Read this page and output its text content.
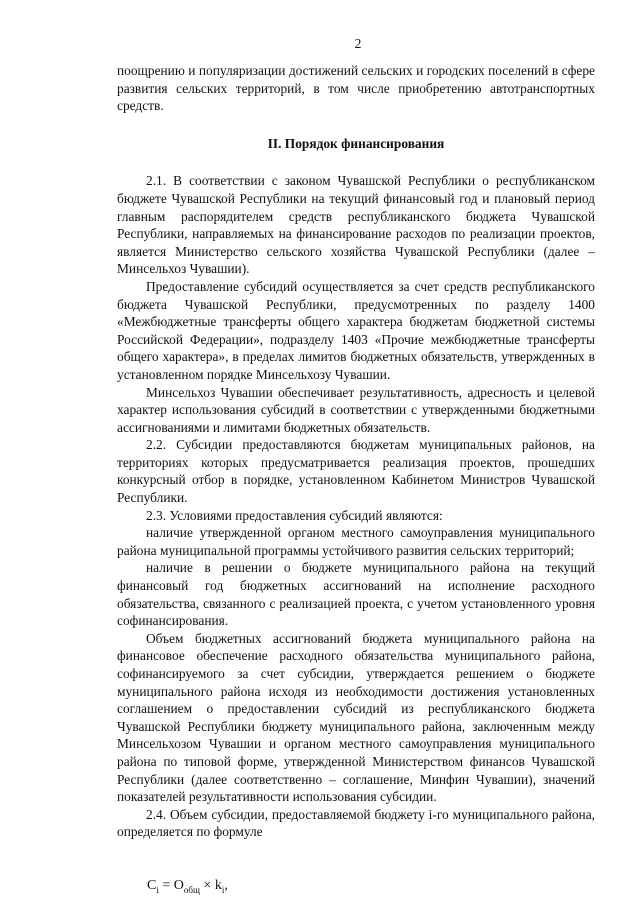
2

поощрению и популяризации достижений сельских и городских поселений в сфере развития сельских территорий, в том числе приобретению автотранспортных средств.

II. Порядок финансирования

2.1. В соответствии с законом Чувашской Республики о республиканском бюджете Чувашской Республики на текущий финансовый год и плановый период главным распорядителем средств республиканского бюджета Чувашской Республики, направляемых на финансирование расходов по реализации проектов, является Министерство сельского хозяйства Чувашской Республики (далее – Минсельхоз Чувашии).

Предоставление субсидий осуществляется за счет средств республиканского бюджета Чувашской Республики, предусмотренных по разделу 1400 «Межбюджетные трансферты общего характера бюджетам бюджетной системы Российской Федерации», подразделу 1403 «Прочие межбюджетные трансферты общего характера», в пределах лимитов бюджетных обязательств, утвержденных в установленном порядке Минсельхозу Чувашии.

Минсельхоз Чувашии обеспечивает результативность, адресность и целевой характер использования субсидий в соответствии с утвержденными бюджетными ассигнованиями и лимитами бюджетных обязательств.

2.2. Субсидии предоставляются бюджетам муниципальных районов, на территориях которых предусматривается реализация проектов, прошедших конкурсный отбор в порядке, установленном Кабинетом Министров Чувашской Республики.

2.3. Условиями предоставления субсидий являются:

наличие утвержденной органом местного самоуправления муниципального района муниципальной программы устойчивого развития сельских территорий;

наличие в решении о бюджете муниципального района на текущий финансовый год бюджетных ассигнований на исполнение расходного обязательства, связанного с реализацией проекта, с учетом установленного уровня софинансирования.

Объем бюджетных ассигнований бюджета муниципального района на финансовое обеспечение расходного обязательства муниципального района, софинансируемого за счет субсидии, утверждается решением о бюджете муниципального района исходя из необходимости достижения установленных соглашением о предоставлении субсидий из республиканского бюджета Чувашской Республики бюджету муниципального района, заключенным между Минсельхозом Чувашии и органом местного самоуправления муниципального района по типовой форме, утвержденной Министерством финансов Чувашской Республики (далее соответственно – соглашение, Минфин Чувашии), значений показателей результативности использования субсидии.

2.4. Объем субсидии, предоставляемой бюджету i-го муниципального района, определяется по формуле

$C_i = O_{общ} \times k_i$,
